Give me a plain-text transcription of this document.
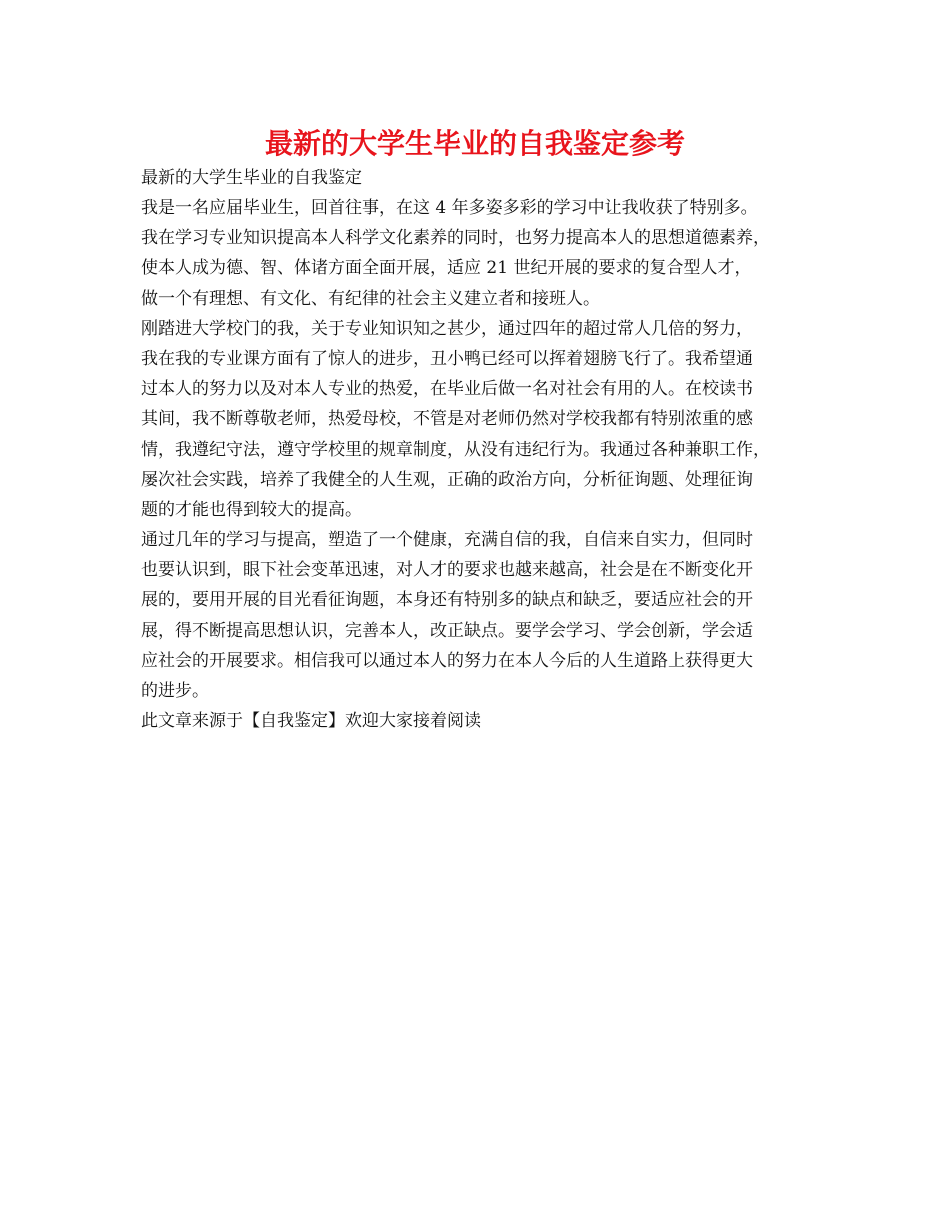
最新的大学生毕业的自我鉴定参考
最新的大学生毕业的自我鉴定
我是一名应届毕业生，回首往事，在这 4 年多姿多彩的学习中让我收获了特别多。
我在学习专业知识提高本人科学文化素养的同时，也努力提高本人的思想道德素养，
使本人成为德、智、体诸方面全面开展，适应 21 世纪开展的要求的复合型人才，
做一个有理想、有文化、有纪律的社会主义建立者和接班人。
刚踏进大学校门的我，关于专业知识知之甚少，通过四年的超过常人几倍的努力，
我在我的专业课方面有了惊人的进步，丑小鸭已经可以挥着翅膀飞行了。我希望通
过本人的努力以及对本人专业的热爱，在毕业后做一名对社会有用的人。在校读书
其间，我不断尊敬老师，热爱母校，不管是对老师仍然对学校我都有特别浓重的感
情，我遵纪守法，遵守学校里的规章制度，从没有违纪行为。我通过各种兼职工作，
屡次社会实践，培养了我健全的人生观，正确的政治方向，分析征询题、处理征询
题的才能也得到较大的提高。
通过几年的学习与提高，塑造了一个健康，充满自信的我，自信来自实力，但同时
也要认识到，眼下社会变革迅速，对人才的要求也越来越高，社会是在不断变化开
展的，要用开展的目光看征询题，本身还有特别多的缺点和缺乏，要适应社会的开
展，得不断提高思想认识，完善本人，改正缺点。要学会学习、学会创新，学会适
应社会的开展要求。相信我可以通过本人的努力在本人今后的人生道路上获得更大
的进步。
此文章来源于【自我鉴定】欢迎大家接着阅读
